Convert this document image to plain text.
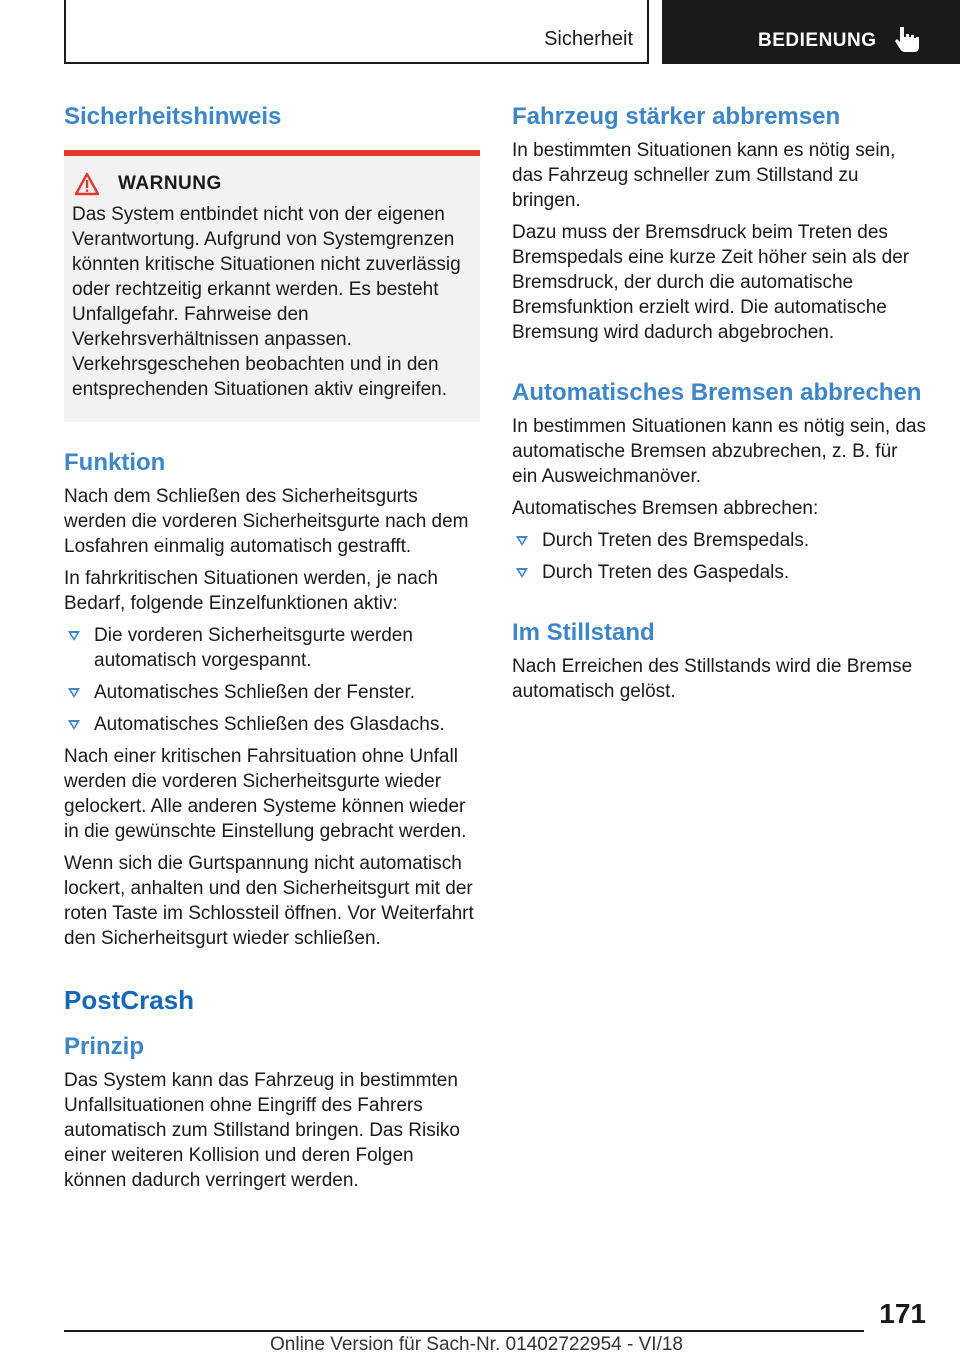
Sicherheit	BEDIENUNG
Sicherheitshinweis
WARNUNG

Das System entbindet nicht von der eigenen Verantwortung. Aufgrund von Systemgrenzen könnten kritische Situationen nicht zuverlässig oder rechtzeitig erkannt werden. Es besteht Unfallgefahr. Fahrweise den Verkehrsverhältnissen anpassen. Verkehrsgeschehen beobachten und in den entsprechenden Situationen aktiv eingreifen.

Funktion

Nach dem Schließen des Sicherheitsgurts werden die vorderen Sicherheitsgurte nach dem Losfahren einmalig automatisch gestrafft.

In fahrkritischen Situationen werden, je nach Bedarf, folgende Einzelfunktionen aktiv:

Die vorderen Sicherheitsgurte werden automatisch vorgespannt.
Automatisches Schließen der Fenster.
Automatisches Schließen des Glasdachs.

Nach einer kritischen Fahrsituation ohne Unfall werden die vorderen Sicherheitsgurte wieder gelockert. Alle anderen Systeme können wieder in die gewünschte Einstellung gebracht werden.

Wenn sich die Gurtspannung nicht automatisch lockert, anhalten und den Sicherheitsgurt mit der roten Taste im Schlossteil öffnen. Vor Weiterfahrt den Sicherheitsgurt wieder schließen.

PostCrash
Prinzip

Das System kann das Fahrzeug in bestimmten Unfallsituationen ohne Eingriff des Fahrers automatisch zum Stillstand bringen. Das Risiko einer weiteren Kollision und deren Folgen können dadurch verringert werden.

Fahrzeug stärker abbremsen

In bestimmten Situationen kann es nötig sein, das Fahrzeug schneller zum Stillstand zu bringen.

Dazu muss der Bremsdruck beim Treten des Bremspedals eine kurze Zeit höher sein als der Bremsdruck, der durch die automatische Bremsfunktion erzielt wird. Die automatische Bremsung wird dadurch abgebrochen.

Automatisches Bremsen abbrechen

In bestimmen Situationen kann es nötig sein, das automatische Bremsen abzubrechen, z. B. für ein Ausweichmanöver.

Automatisches Bremsen abbrechen:

Durch Treten des Bremspedals.
Durch Treten des Gaspedals.
Im Stillstand

Nach Erreichen des Stillstands wird die Bremse automatisch gelöst.

171
Online Version für Sach-Nr. 01402722954 - VI/18
